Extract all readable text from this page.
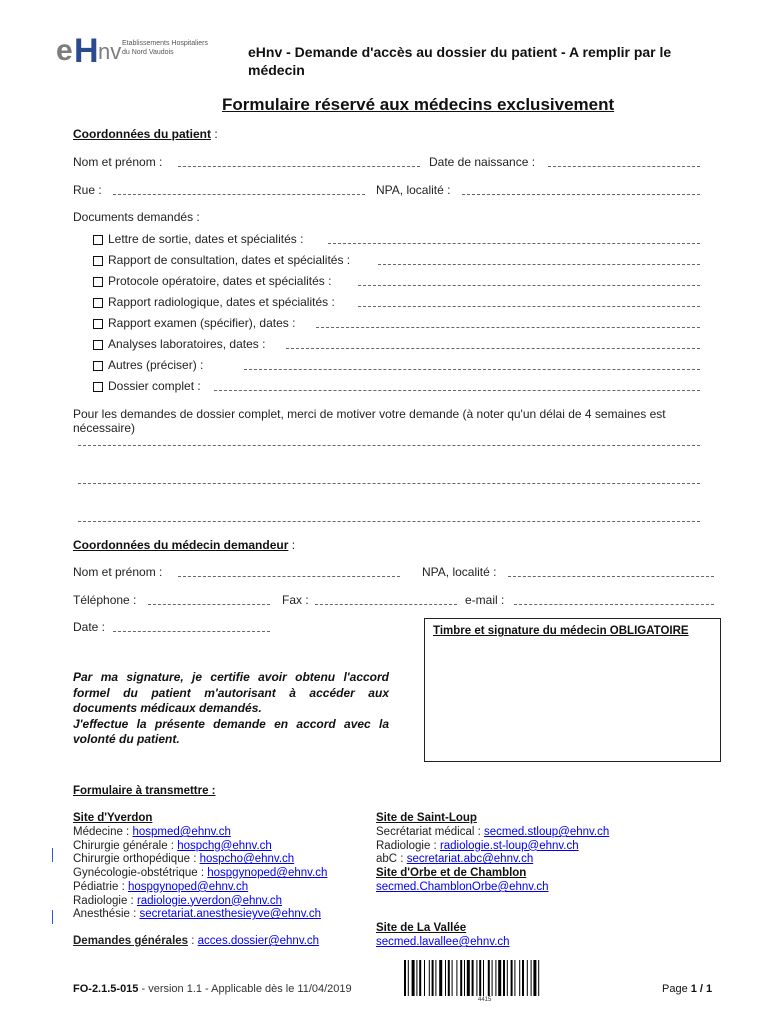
e H nv Etablissements Hospitaliers
du Nord Vaudois	eHnv - Demande d'accès au dossier du patient - A remplir par le
médecin
Formulaire réservé aux médecins exclusivement
Coordonnées du patient :
Nom et prénom :	Date de naissance :
Rue :	NPA, localité :
Documents demandés :
Lettre de sortie, dates et spécialités :
Rapport de consultation, dates et spécialités :
Protocole opératoire, dates et spécialités :
Rapport radiologique, dates et spécialités :
Rapport examen (spécifier), dates :
Analyses laboratoires, dates :
Autres (préciser) :
Dossier complet :
Pour les demandes de dossier complet, merci de motiver votre demande (à noter qu'un délai de 4 semaines est
nécessaire)
Coordonnées du médecin demandeur :
Nom et prénom :	NPA, localité :
Téléphone :	Fax :	e-mail :
Date :	Timbre et signature du médecin OBLIGATOIRE
Par ma signature, je certifie avoir obtenu l'accord
formel du patient m'autorisant à accéder aux
documents médicaux demandés.
J'effectue la présente demande en accord avec la
volonté du patient.
Formulaire à transmettre :
Site d'Yverdon
Médecine : hospmed@ehnv.ch
Chirurgie générale : hospchg@ehnv.ch
Chirurgie orthopédique : hospcho@ehnv.ch
Gynécologie-obstétrique : hospgynoped@ehnv.ch
Pédiatrie : hospgynoped@ehnv.ch
Radiologie : radiologie.yverdon@ehnv.ch
Anesthésie : secretariat.anesthesieyve@ehnv.ch
Demandes générales : acces.dossier@ehnv.ch
Site de Saint-Loup
Secrétariat médical : secmed.stloup@ehnv.ch
Radiologie : radiologie.st-loup@ehnv.ch
abC : secretariat.abc@ehnv.ch
Site d'Orbe et de Chamblon
secmed.ChamblonOrbe@ehnv.ch
Site de La Vallée
secmed.lavallee@ehnv.ch
FO-2.1.5-015 - version 1.1 - Applicable dès le 11/04/2019
4415
Page 1 / 1
